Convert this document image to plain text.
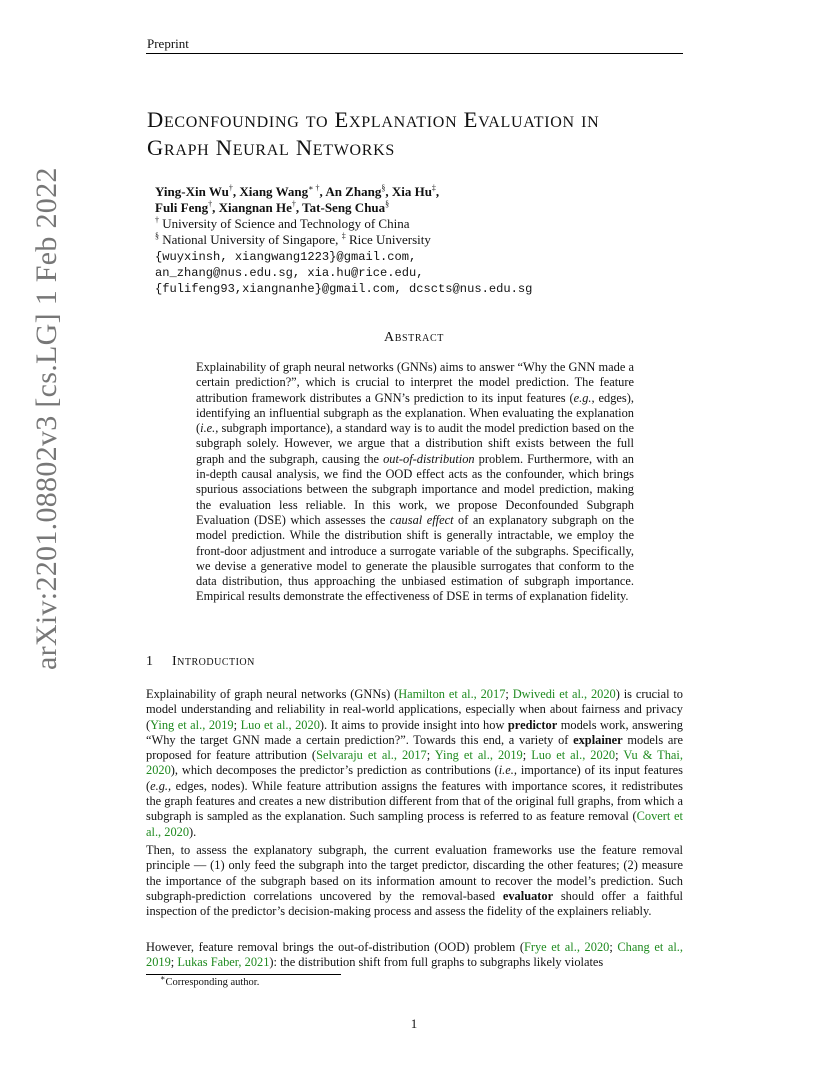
Preprint
arXiv:2201.08802v3 [cs.LG] 1 Feb 2022
Deconfounding to Explanation Evaluation in
Graph Neural Networks
Ying-Xin Wu†, Xiang Wang∗ †, An Zhang§, Xia Hu‡,
Fuli Feng†, Xiangnan He†, Tat-Seng Chua§
† University of Science and Technology of China
§ National University of Singapore, ‡ Rice University
{wuyxinsh, xiangwang1223}@gmail.com,
an_zhang@nus.edu.sg, xia.hu@rice.edu,
{fulifeng93,xiangnanhe}@gmail.com, dcscts@nus.edu.sg
Abstract
Explainability of graph neural networks (GNNs) aims to answer “Why the GNN made a certain prediction?”, which is crucial to interpret the model prediction. The feature attribution framework distributes a GNN’s prediction to its input features (e.g., edges), identifying an influential subgraph as the explanation. When evaluating the explanation (i.e., subgraph importance), a standard way is to audit the model prediction based on the subgraph solely. However, we argue that a distribution shift exists between the full graph and the subgraph, causing the out-of-distribution problem. Furthermore, with an in-depth causal analysis, we find the OOD effect acts as the confounder, which brings spurious associations between the subgraph importance and model prediction, making the evaluation less reliable. In this work, we propose Deconfounded Subgraph Evaluation (DSE) which assesses the causal effect of an explanatory subgraph on the model prediction. While the distribution shift is generally intractable, we employ the front-door adjustment and introduce a surrogate variable of the subgraphs. Specifically, we devise a generative model to generate the plausible surrogates that conform to the data distribution, thus approaching the unbiased estimation of subgraph importance. Empirical results demonstrate the effectiveness of DSE in terms of explanation fidelity.
1 Introduction
Explainability of graph neural networks (GNNs) (Hamilton et al., 2017; Dwivedi et al., 2020) is crucial to model understanding and reliability in real-world applications, especially when about fairness and privacy (Ying et al., 2019; Luo et al., 2020). It aims to provide insight into how predictor models work, answering “Why the target GNN made a certain prediction?”. Towards this end, a variety of explainer models are proposed for feature attribution (Selvaraju et al., 2017; Ying et al., 2019; Luo et al., 2020; Vu & Thai, 2020), which decomposes the predictor’s prediction as contributions (i.e., importance) of its input features (e.g., edges, nodes). While feature attribution assigns the features with importance scores, it redistributes the graph features and creates a new distribution different from that of the original full graphs, from which a subgraph is sampled as the explanation. Such sampling process is referred to as feature removal (Covert et al., 2020).
Then, to assess the explanatory subgraph, the current evaluation frameworks use the feature removal principle — (1) only feed the subgraph into the target predictor, discarding the other features; (2) measure the importance of the subgraph based on its information amount to recover the model’s prediction. Such subgraph-prediction correlations uncovered by the removal-based evaluator should offer a faithful inspection of the predictor’s decision-making process and assess the fidelity of the explainers reliably.
However, feature removal brings the out-of-distribution (OOD) problem (Frye et al., 2020; Chang et al., 2019; Lukas Faber, 2021): the distribution shift from full graphs to subgraphs likely violates
∗Corresponding author.
1
